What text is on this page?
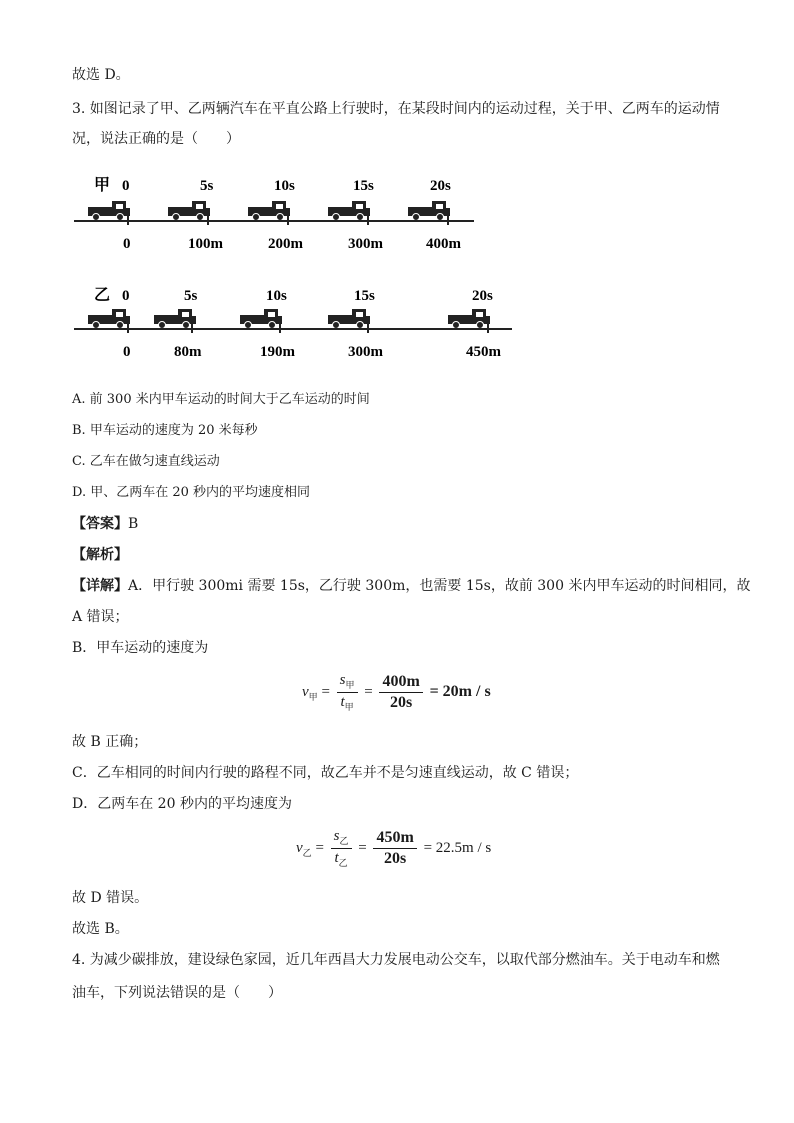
故选 D。
3. 如图记录了甲、乙两辆汽车在平直公路上行驶时，在某段时间内的运动过程，关于甲、乙两车的运动情
况，说法正确的是（　　）
甲 0	5s	10s	15s	20s
0	100m	200m	300m	400m
乙 0	5s	10s	15s	20s
0	80m	190m	300m	450m
A. 前 300 米内甲车运动的时间大于乙车运动的时间
B. 甲车运动的速度为 20 米每秒
C. 乙车在做匀速直线运动
D. 甲、乙两车在 20 秒内的平均速度相同
【答案】B
【解析】
【详解】A．甲行驶 300mi 需要 15s，乙行驶 300m，也需要 15s，故前 300 米内甲车运动的时间相同，故
A 错误；
B．甲车运动的速度为
$v_甲 = \frac{s_甲}{t_甲} = \frac{400m}{20s} = 20m / s$
故 B 正确；
C．乙车相同的时间内行驶的路程不同，故乙车并不是匀速直线运动，故 C 错误；
D．乙两车在 20 秒内的平均速度为
$v_乙 = \frac{s_乙}{t_乙} = \frac{450m}{20s} = 22.5m / s$
故 D 错误。
故选 B。
4. 为减少碳排放，建设绿色家园，近几年西昌大力发展电动公交车，以取代部分燃油车。关于电动车和燃
油车，下列说法错误的是（　　）
